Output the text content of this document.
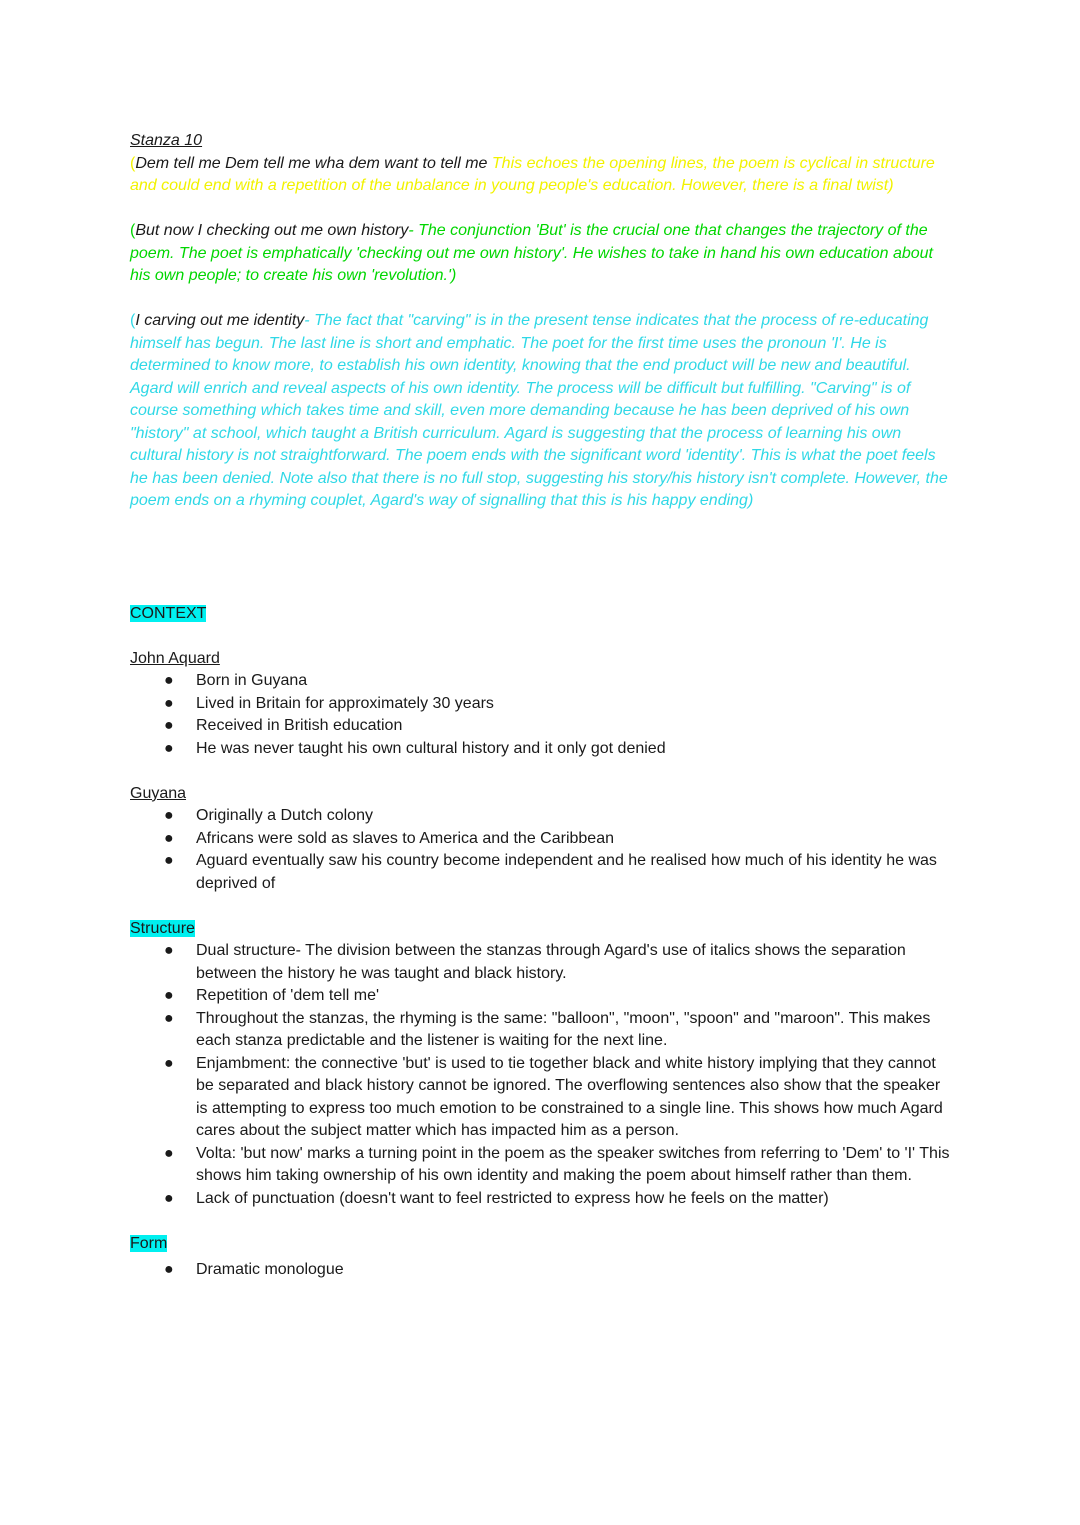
Stanza 10

(Dem tell me Dem tell me wha dem want to tell me This echoes the opening lines, the poem is cyclical in structure and could end with a repetition of the unbalance in young people's education. However, there is a final twist)

(But now I checking out me own history- The conjunction 'But' is the crucial one that changes the trajectory of the poem. The poet is emphatically 'checking out me own history'. He wishes to take in hand his own education about his own people; to create his own 'revolution.')

(I carving out me identity- The fact that "carving" is in the present tense indicates that the process of re-educating himself has begun. The last line is short and emphatic. The poet for the first time uses the pronoun 'I'. He is determined to know more, to establish his own identity, knowing that the end product will be new and beautiful. Agard will enrich and reveal aspects of his own identity. The process will be difficult but fulfilling. "Carving" is of course something which takes time and skill, even more demanding because he has been deprived of his own "history" at school, which taught a British curriculum. Agard is suggesting that the process of learning his own cultural history is not straightforward. The poem ends with the significant word 'identity'. This is what the poet feels he has been denied. Note also that there is no full stop, suggesting his story/his history isn't complete. However, the poem ends on a rhyming couplet, Agard's way of signalling that this is his happy ending)

CONTEXT
John Aquard
● Born in Guyana
● Lived in Britain for approximately 30 years
● Received in British education
● He was never taught his own cultural history and it only got denied
Guyana
● Originally a Dutch colony
● Africans were sold as slaves to America and the Caribbean
● Aguard eventually saw his country become independent and he realised how much of his identity he was deprived of
Structure
● Dual structure- The division between the stanzas through Agard's use of italics shows the separation between the history he was taught and black history.
● Repetition of 'dem tell me'
● Throughout the stanzas, the rhyming is the same: "balloon", "moon", "spoon" and "maroon". This makes each stanza predictable and the listener is waiting for the next line.
● Enjambment: the connective 'but' is used to tie together black and white history implying that they cannot be separated and black history cannot be ignored. The overflowing sentences also show that the speaker is attempting to express too much emotion to be constrained to a single line. This shows how much Agard cares about the subject matter which has impacted him as a person.
● Volta: 'but now' marks a turning point in the poem as the speaker switches from referring to 'Dem' to 'I' This shows him taking ownership of his own identity and making the poem about himself rather than them.
● Lack of punctuation (doesn't want to feel restricted to express how he feels on the matter)
Form
● Dramatic monologue
